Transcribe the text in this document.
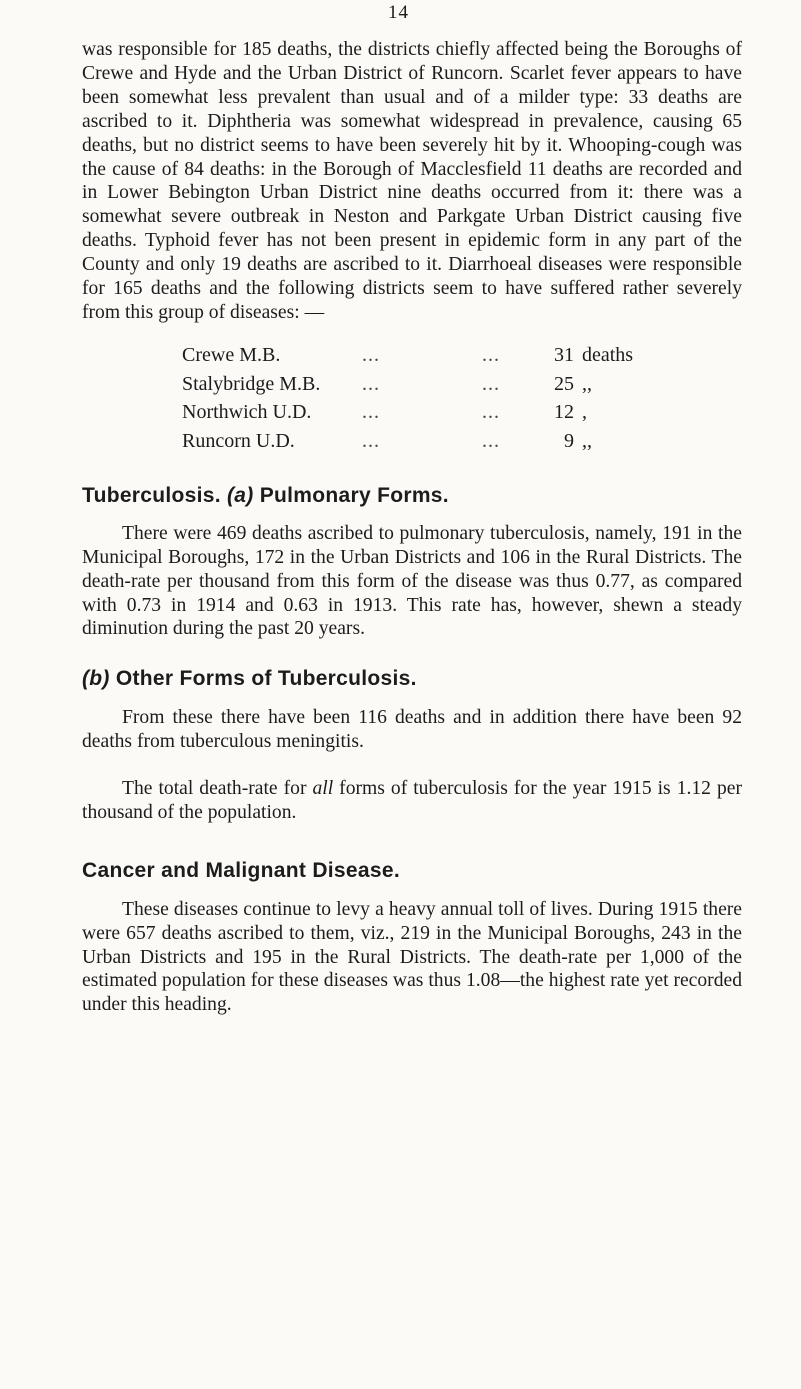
14

was responsible for 185 deaths, the districts chiefly affected being the Boroughs of Crewe and Hyde and the Urban District of Runcorn. Scarlet fever appears to have been somewhat less prevalent than usual and of a milder type: 33 deaths are ascribed to it. Diphtheria was somewhat widespread in prevalence, causing 65 deaths, but no district seems to have been severely hit by it. Whooping-cough was the cause of 84 deaths: in the Borough of Macclesfield 11 deaths are recorded and in Lower Bebington Urban District nine deaths occurred from it: there was a somewhat severe outbreak in Neston and Parkgate Urban District causing five deaths. Typhoid fever has not been present in epidemic form in any part of the County and only 19 deaths are ascribed to it. Diarrhoeal diseases were responsible for 165 deaths and the following districts seem to have suffered rather severely from this group of diseases: —

Crewe M.B.	...	...	31	deaths
Stalybridge M.B.	...	...	25	,,
Northwich U.D.	...	...	12	,
Runcorn U.D.	...	...	9	,,
Tuberculosis. (a) Pulmonary Forms.

There were 469 deaths ascribed to pulmonary tuberculosis, namely, 191 in the Municipal Boroughs, 172 in the Urban Districts and 106 in the Rural Districts. The death-rate per thousand from this form of the disease was thus 0.77, as compared with 0.73 in 1914 and 0.63 in 1913. This rate has, however, shewn a steady diminution during the past 20 years.

(b) Other Forms of Tuberculosis.

From these there have been 116 deaths and in addition there have been 92 deaths from tuberculous meningitis.

The total death-rate for all forms of tuberculosis for the year 1915 is 1.12 per thousand of the population.

Cancer and Malignant Disease.

These diseases continue to levy a heavy annual toll of lives. During 1915 there were 657 deaths ascribed to them, viz., 219 in the Municipal Boroughs, 243 in the Urban Districts and 195 in the Rural Districts. The death-rate per 1,000 of the estimated population for these diseases was thus 1.08—the highest rate yet recorded under this heading.
